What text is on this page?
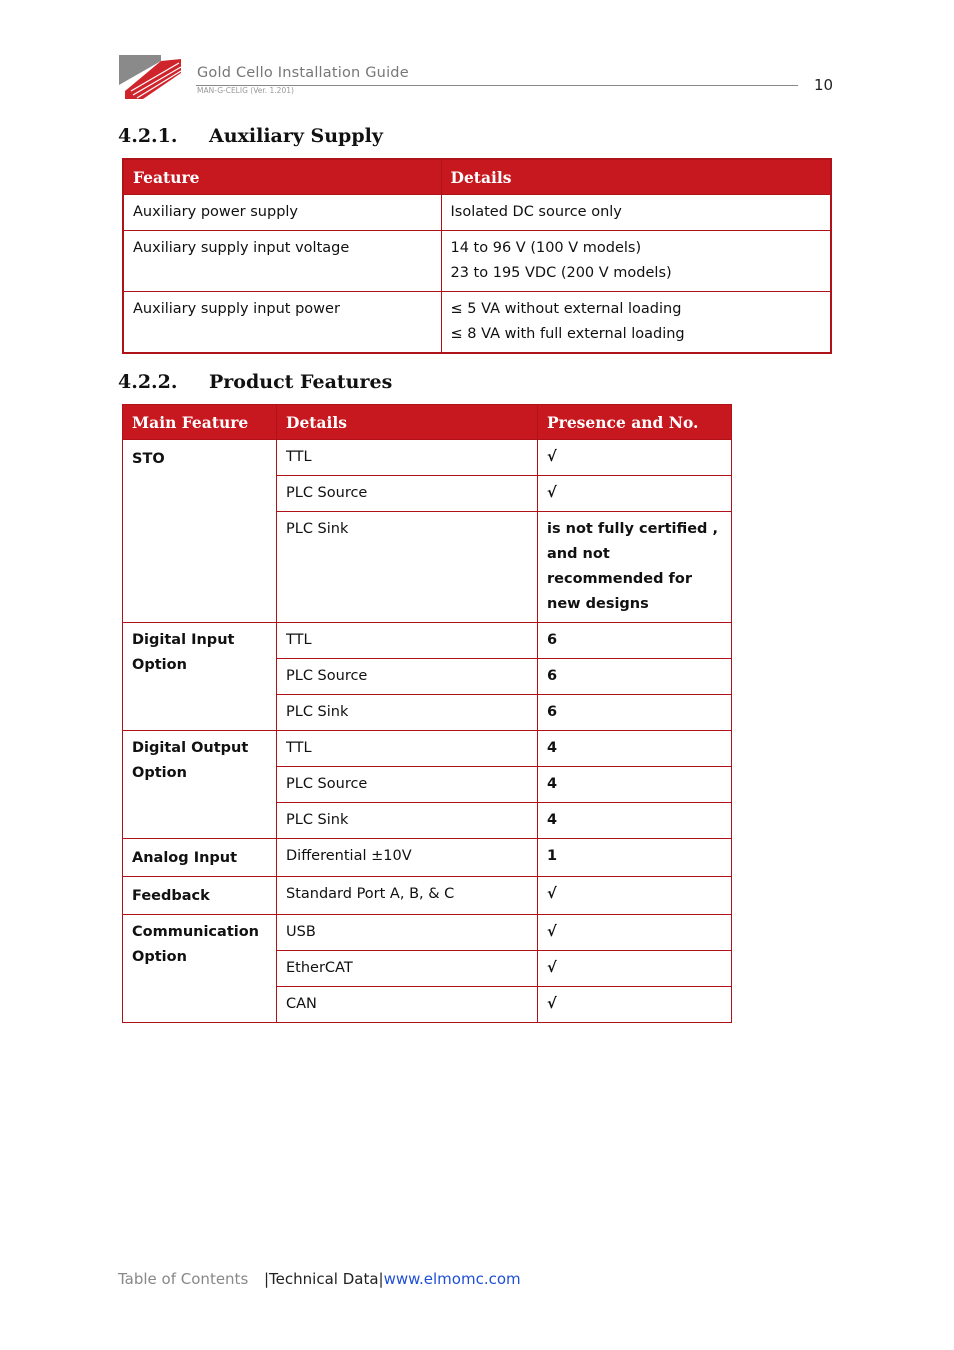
Gold Cello Installation Guide
MAN-G-CELIG (Ver. 1.201)	10
4.2.1. Auxiliary Supply
Feature	Details
Auxiliary power supply	Isolated DC source only

Auxiliary supply input voltage	14 to 96 V (100 V models)
23 to 195 VDC (200 V models)

Auxiliary supply input power	≤ 5 VA without external loading
≤ 8 VA with full external loading
4.2.2. Product Features
Main Feature	Details	Presence and No.

STO	TTL	√
	PLC Source	√
	PLC Sink	is not fully certified , and not recommended for new designs

Digital Input
Option	TTL	6
	PLC Source	6
	PLC Sink	6

Digital Output
Option	TTL	4
	PLC Source	4
	PLC Sink	4

Analog Input	Differential ±10V	1

Feedback	Standard Port A, B, & C	√

Communication
Option	USB	√
	EtherCAT	√
	CAN	√
Table of Contents |Technical Data|www.elmomc.com
